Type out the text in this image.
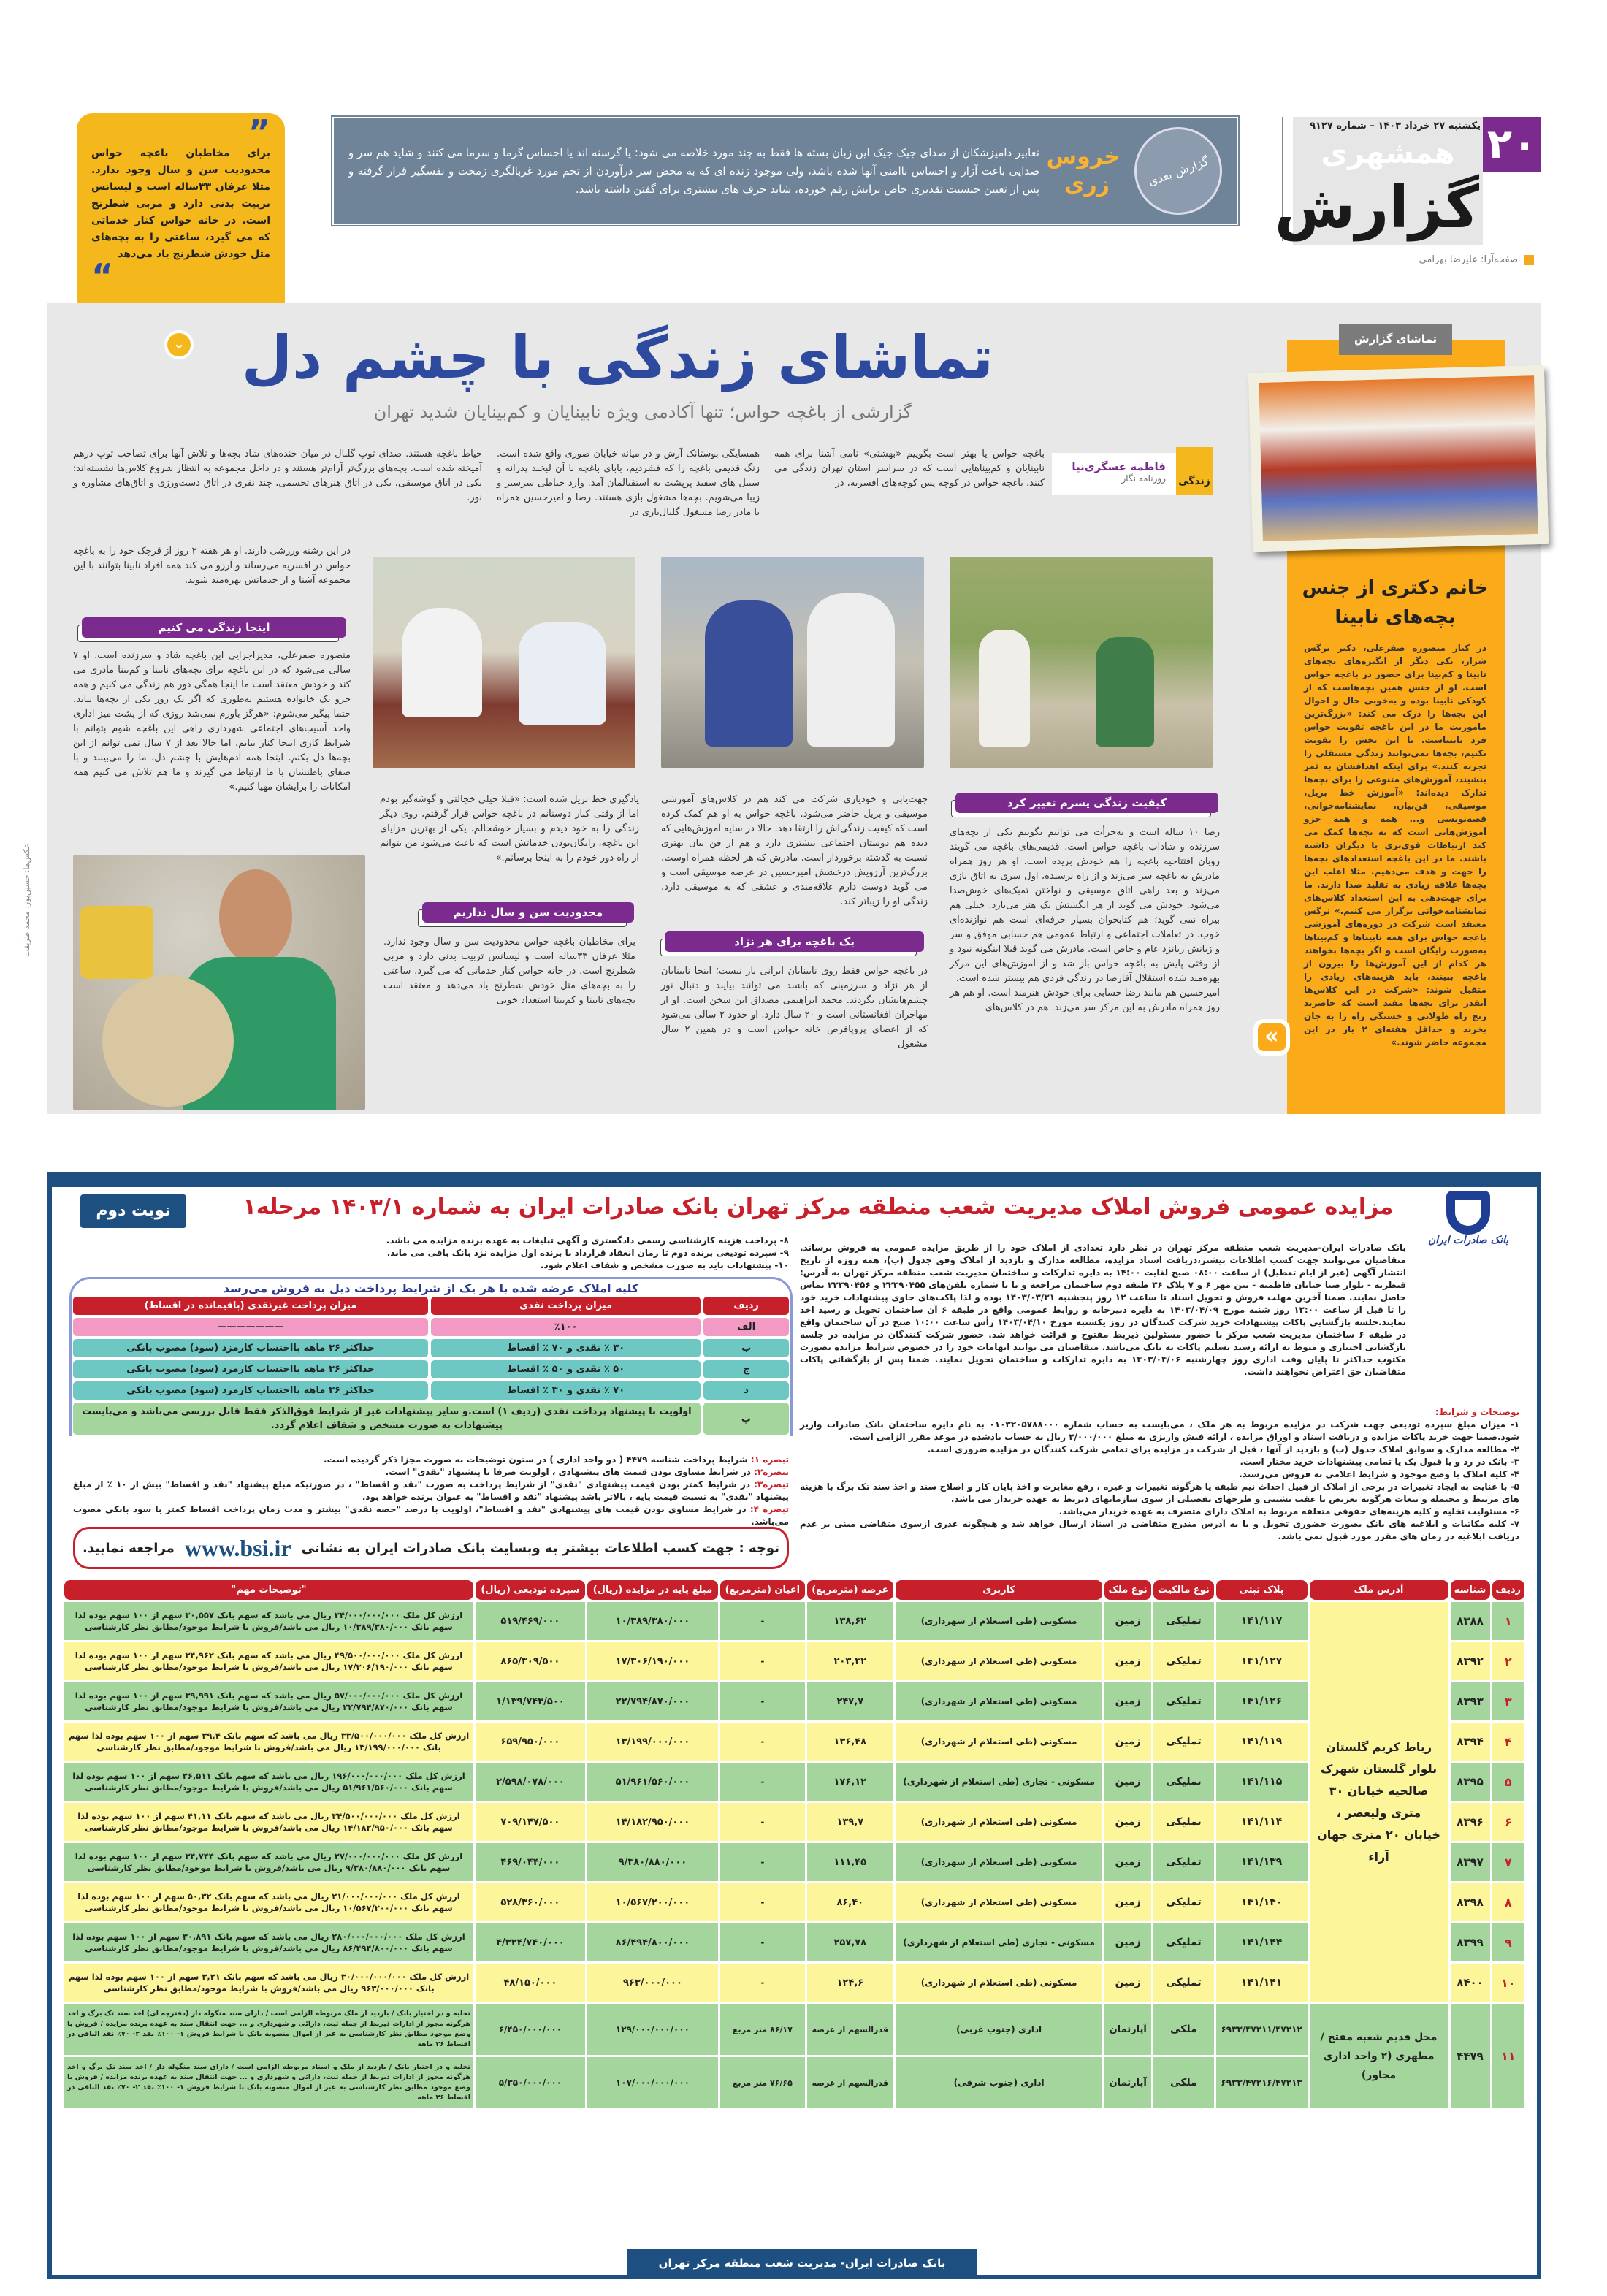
۲۰
یکشنبه ۲۷ خرداد ۱۴۰۳ – شماره ۹۱۲۷
همشهری
گزارش
صفحه‌آرا: علیرضا بهرامی
گزارش بعدی
خروس زری
تعابیر دامپزشکان از صدای جیک جیک این زبان بسته ها فقط به چند مورد خلاصه می شود: یا گرسنه اند یا احساس گرما و سرما می کنند و شاید هم سر و صدایی باعث آزار و احساس ناامنی آنها شده باشد، ولی موجود زنده ای که به محض سر درآوردن از تخم مورد غربالگری زمخت و نفسگیر قرار گرفته و پس از تعیین جنسیت تقدیری خاص برایش رقم خورده، شاید حرف های بیشتری برای گفتن داشته باشد.
”
برای مخاطبان باغچه حواس محدودیت سن و سال وجود ندارد. مثلا عرفان ۳۳ساله است و لیسانس تربیت بدنی دارد و مربی شطرنج است. در خانه حواس کنار خدماتی که می گیرد، ساعتی را به بچه‌های مثل خودش شطرنج یاد می‌دهد
“
⌄ تماشای زندگی با چشم دل
گزارشی از باغچه حواس؛ تنها آکادمی ویژه نابینایان و کم‌بینایان شدید تهران
زندگی
فاطمه عسگری‌نیا
روزنامه نگار
باغچه حواس یا بهتر است بگوییم «بهشتی» نامی آشنا برای همه نابینایان و کم‌بیناهایی است که در سراسر استان تهران زندگی می کنند. باغچه حواس در کوچه پس کوچه‌های افسریه، در
همسایگی بوستانک آرش و در میانه خیابان صوری واقع شده است. زنگ قدیمی باغچه را که فشردیم، بابای باغچه با آن لبخند پدرانه و سبیل های سفید پرپشت به استقبالمان آمد. وارد حیاطی سرسبز و زیبا می‌شویم. بچه‌ها مشغول بازی هستند. رضا و امیرحسین همراه با مادر رضا مشغول گلبال‌بازی در
حیاط باغچه هستند. صدای توپ گلبال در میان خنده‌های شاد بچه‌ها و تلاش آنها برای تصاحب توپ درهم آمیخته شده است. بچه‌های بزرگ‌تر آرام‌تر هستند و در داخل مجموعه به انتظار شروع کلاس‌ها نشسته‌اند؛ یکی در اتاق موسیقی، یکی در اتاق هنرهای تجسمی، چند نفری در اتاق دست‌ورزی و اتاق‌های مشاوره و نور.
در این رشته ورزشی دارند. او هر هفته ۲ روز از قرچک خود را به باغچه حواس در افسریه می‌رساند و آرزو می کند همه افراد نابینا بتوانند با این مجموعه آشنا و از خدماتش بهره‌مند شوند.
اینجا زندگی می کنیم
منصوره صفرعلی، مدیراجرایی این باغچه شاد و سرزنده است. او ۷ سالی می‌شود که در این باغچه برای بچه‌های نابینا و کم‌بینا مادری می کند و خودش معتقد است ما اینجا همگی دور هم زندگی می کنیم و همه جزو یک خانواده هستیم به‌طوری که اگر یک روز یکی از بچه‌ها نیاید، حتما پیگیر می‌شوم: «هرگز باورم نمی‌شد روزی که از پشت میز اداری واحد آسیب‌های اجتماعی شهرداری راهی این باغچه شوم بتوانم با شرایط کاری اینجا کنار بیایم. اما حالا بعد از ۷ سال نمی توانم از این بچه‌ها دل بکنم. اینجا همه آدم‌هایش با چشم دل، ما را می‌بینند و با صفای باطنشان با ما ارتباط می گیرند و ما هم تلاش می کنیم همه امکانات را برایشان مهیا کنیم.»
کیفیت زندگی پسرم تغییر کرد
رضا ۱۰ ساله است و به‌جرأت می توانیم بگوییم یکی از بچه‌های سرزنده و شاداب باغچه حواس است. قدیمی‌های باغچه می گویند روبان افتتاحیه باغچه را هم خودش بریده است. او هر روز همراه مادرش به باغچه سر می‌زند و از راه نرسیده، اول سری به اتاق بازی می‌زند و بعد راهی اتاق موسیقی و نواختن تمبک‌های خوش‌صدا می‌شود. خودش می گوید از هر انگشتش یک هنر می‌بارد. خیلی هم بیراه نمی گوید؛ هم کتابخوان بسیار حرفه‌ای است هم نوازنده‌ای خوب. در تعاملات اجتماعی و ارتباط عمومی هم حسابی موفق و سر و زبانش زبانزد عام و خاص است. مادرش می گوید قبلا اینگونه نبود و از وقتی پایش به باغچه حواس باز شد و از آموزش‌های این مرکز بهره‌مند شده استقلال آقارضا در زندگی فردی هم بیشتر شده است.
امیرحسین هم مانند رضا حسابی برای خودش هنرمند است. او هم هر روز همراه مادرش به این مرکز سر می‌زند. هم در کلاس‌های
جهت‌یابی و خودیاری شرکت می کند هم در کلاس‌های آموزشی موسیقی و بریل حاضر می‌شود. باغچه حواس به او هم کمک کرده است که کیفیت زندگی‌اش را ارتقا دهد. حالا در سایه آموزش‌هایی که دیده هم دوستان اجتماعی بیشتری دارد و هم از فن بیان بهتری نسبت به گذشته برخوردار است. مادرش که هر لحظه همراه اوست، بزرگ‌ترین آرزویش درخشش امیرحسین در عرصه موسیقی است و می گوید دوست دارم علاقه‌مندی و عشقی که به موسیقی دارد، زندگی او را زیباتر کند.
یک باغچه برای هر نژاد
در باغچه حواس فقط روی نابینایان ایرانی باز نیست؛ اینجا نابینایان از هر نژاد و سرزمینی که باشند می توانند بیایند و دنبال نور چشم‌هایشان بگردند. محمد ابراهیمی مصداق این سخن است. او از مهاجران افغانستانی است و ۲۰ سال دارد. او حدود ۲ سالی می‌شود که از اعضای پروپاقرص خانه حواس است و در همین ۲ سال مشغول
یادگیری خط بریل شده است: «قبلا خیلی خجالتی و گوشه‌گیر بودم اما از وقتی کنار دوستانم در باغچه حواس قرار گرفتم، روی دیگر زندگی را به خود دیدم و بسیار خوشحالم. یکی از بهترین مزایای این باغچه، رایگان‌بودن خدماتش است که باعث می‌شود من بتوانم از راه دور خودم را به اینجا برسانم.»
محدودیت سن و سال نداریم
برای مخاطبان باغچه حواس محدودیت سن و سال وجود ندارد. مثلا عرفان ۳۳ساله است و لیسانس تربیت بدنی دارد و مربی شطرنج است. در خانه حواس کنار خدماتی که می گیرد، ساعتی را به بچه‌های مثل خودش شطرنج یاد می‌دهد و معتقد است بچه‌های نابینا و کم‌بینا استعداد خوبی
عکس‌ها: حسین‌پور، محمد طریقت
تماشای گزارش
خانم دکتری از جنس بچه‌های نابینا
در کنار منصوره صفرعلی، دکتر نرگس شرار، یکی دیگر از انگیزه‌های بچه‌های نابینا و کم‌بینا برای حضور در باغچه حواس است. او از جنس همین بچه‌هاست که از کودکی نابینا بوده و به‌خوبی حال و احوال این بچه‌ها را درک می کند: «بزرگ‌ترین ماموریت ما در این باغچه تقویت حواس فرد نابیناست. تا این بخش را تقویت نکنیم، بچه‌ها نمی‌توانند زندگی مستقلی را تجربه کنند.» برای اینکه اهدافشان به ثمر بنشیند، آموزش‌های متنوعی را برای بچه‌ها تدارک دیده‌اند: «آموزش خط بریل، موسیقی، فن‌بیان، نمایشنامه‌خوانی، قصه‌نویسی و... همه و همه جزو آموزش‌هایی است که به بچه‌ها کمک می کند ارتباطات قوی‌تری با دیگران داشته باشند. ما در این باغچه استعدادهای بچه‌ها را جهت و هدف می‌دهیم. مثلا اغلب این بچه‌ها علاقه زیادی به تقلید صدا دارند. ما برای جهت‌دهی به این استعداد کلاس‌های نمایشنامه‌خوانی برگزار می کنیم.» نرگس معتقد است شرکت در دوره‌های آموزشی باغچه حواس برای همه نابیناها و کم‌بیناها به‌صورت رایگان است و اگر بچه‌ها بخواهند هر کدام از این آموزش‌ها را بیرون از باغچه ببینند، باید هزینه‌های زیادی را متقبل شوند: «شرکت در این کلاس‌ها آنقدر برای بچه‌ها مفید است که حاضرند رنج راه طولانی و خستگی راه را به جان بخرند و حداقل هفته‌ای ۲ بار در این مجموعه حاضر شوند.»
«
بانک صادرات ایران
مزایده عمومی فروش املاک مدیریت شعب منطقه مرکز تهران بانک صادرات ایران به شماره ۱۴۰۳/۱ مرحله۱
نوبت دوم
بانک صادرات ایران-مدیریت شعب منطقه مرکز تهران در نظر دارد تعدادی از املاک خود را از طریق مزایده عمومی به فروش برساند. متقاضیان می‌توانند جهت کسب اطلاعات بیشتر،دریافت اسناد مزایده، مطالعه مدارک و بازدید از املاک وفق جدول (ب)، همه روزه از تاریخ انتشار آگهی (غیر از ایام تعطیل) از ساعت ۰۸:۰۰ صبح لغایت ۱۴:۰۰ به دایره تدارکات و ساختمان مدیریت شعب منطقه مرکز تهران به آدرس: قیطریه - بلوار صبا خیابان فاطمیه - بین مهر ۶ و ۷ پلاک ۳۶ طبقه دوم ساختمان مراجعه و یا با شماره تلفن‌های ۲۲۳۹۰۴۵۵ و ۲۲۳۹۰۴۵۶ تماس حاصل نمایند. ضمنا آخرین مهلت فروش و تحویل اسناد تا ساعت ۱۲ روز پنجشنبه ۱۴۰۳/۰۳/۳۱ بوده و لذا پاکت‌های حاوی پیشنهادات خرید خود را تا قبل از ساعت ۱۳:۰۰ روز شنبه مورخ ۱۴۰۳/۰۴/۰۹ به دایره دبیرخانه و روابط عمومی واقع در طبقه ۶ آن ساختمان تحویل و رسید اخذ نمایند.جلسه بازگشایی پاکات پیشنهادات خرید شرکت کنندگان در روز یکشنبه مورخ ۱۴۰۳/۰۴/۱۰ رأس ساعت ۱۰:۰۰ صبح در آن ساختمان واقع در طبقه ۶ ساختمان مدیریت شعب مرکز با حضور مسئولین ذیربط مفتوح و قرائت خواهد شد. حضور شرکت کنندگان در مزایده در جلسه بازگشایی اختیاری و منوط به ارائه رسید تسلیم پاکات به بانک می‌باشد. متقاضیان می توانند ابهامات خود را در خصوص شرایط مزایده بصورت مکتوب حداکثر تا پایان وقت اداری روز چهارشنبه ۱۴۰۳/۰۴/۰۶ به دایره تدارکات و ساختمان تحویل نمایند. ضمنا پس از بازگشائی پاکات متقاضیان حق اعتراض نخواهند داشت.
توضیحات و شرایط:
۱- میزان مبلغ سپرده تودیعی جهت شرکت در مزایده مربوط به هر ملک ، می‌بایست به حساب شماره ۰۱۰۳۲۰۵۷۸۸۰۰۰ به نام دایره ساختمان بانک صادرات واریز شود.ضمنا جهت خرید پاکات مزایده و دریافت اسناد و اوراق مزایده ، ارائه فیش واریزی به مبلغ ۲/۰۰۰/۰۰۰ ریال به حساب یادشده در موعد مقرر الزامی است.
۲- مطالعه مدارک و سوابق املاک جدول (ب) و بازدید از آنها ، قبل از شرکت در مزایده برای تمامی شرکت کنندگان در مزایده ضروری است.
۳- بانک در رد و یا قبول یک یا تمامی پیشنهادات خرید مختار است.
۴- کلیه املاک با وضع موجود و شرایط اعلامی به فروش می‌رسند.
۵- با عنایت به ایجاد تغییرات در برخی از املاک از قبیل احداث نیم طبقه یا هرگونه تغییرات و غیره ، رفع مغایرت و اخذ پایان کار و اصلاح سند و اخذ سند تک برگ با هزینه های مرتبط و محتمله و تبعات هرگونه تعریض یا عقب نشینی و طرحهای تفصیلی از سوی سازمانهای ذیربط به عهده خریدار می باشد.
۶- مسئولیت تخلیه و کلیه هزینه‌های حقوقی متعلقه مربوط به املاک دارای متصرف به عهده خریدار می‌باشد.
۷- کلیه مکاتبات و ابلاغیه های بانک بصورت حضوری تحویل و یا به آدرس مندرج متقاضی در اسناد ارسال خواهد شد و هیچگونه عذری ازسوی متقاضی مبنی بر عدم دریافت ابلاغیه در زمان های مقرر مورد قبول نمی باشد.
۸- پرداخت هزینه کارشناسی رسمی دادگستری و آگهی تبلیغات به عهده برنده مزایده می باشد.
۹- سپرده تودیعی برنده دوم تا زمان انعقاد قرارداد با برنده اول مزایده نزد بانک باقی می ماند.
۱۰- پیشنهادات باید به صورت مشخص و شفاف اعلام شود.
کلیه املاک عرضه شده با هر یک از شرایط پرداخت ذیل به فروش می‌رسد
ردیف
میزان پرداخت نقدی
میزان پرداخت غیرنقدی (باقیمانده در اقساط)
الف
٪۱۰۰
———————
ب
۳۰ ٪ نقدی و ۷۰ ٪ اقساط
حداکثر ۳۶ ماهه بااحتساب کارمزد (سود) مصوب بانکی
ج
۵۰ ٪ نقدی و ۵۰ ٪ اقساط
حداکثر ۳۶ ماهه بااحتساب کارمزد (سود) مصوب بانکی
د
۷۰ ٪ نقدی و ۳۰ ٪ اقساط
حداکثر ۳۶ ماهه بااحتساب کارمزد (سود) مصوب بانکی
پ
اولویت با پیشنهاد پرداخت نقدی (ردیف ۱) است.و سایر پیشنهادات غیر از شرایط فوق‌الذکر فقط قابل بررسی می‌باشد و می‌بایست پیشنهادات به صورت مشخص و شفاف اعلام گردد.
تبصره ۱: شرایط پرداخت شناسه ۴۴۷۹ ( دو واحد اداری ) در ستون توضیحات به صورت مجزا ذکر گردیده است.
تبصره۲: در شرایط مساوی بودن قیمت های پیشنهادی ، اولویت صرفا با پیشنهاد "نقدی" است.
تبصره۳: در شرایط کمتر بودن قیمت پیشنهادی "نقدی" از شرایط پرداخت به صورت "نقد و اقساط" ، در صورتیکه مبلغ پیشنهاد "نقد و اقساط" بیش از ۱۰ ٪ از مبلغ پیشنهاد "نقدی" به نسبت قیمت پایه ، بالاتر باشد پیشنهاد "نقد و اقساط" به عنوان برنده خواهد بود.
تبصره ۴: در شرایط مساوی بودن قیمت های پیشنهادی "نقد و اقساط"، اولویت با درصد "حصه نقدی" بیشتر و مدت زمان پرداخت اقساط کمتر با سود بانکی مصوب می‌باشد.
توجه : جهت کسب اطلاعات بیشتر به وبسایت بانک صادرات ایران به نشانی
www.bsi.ir
مراجعه نمایید.
ردیف	شناسه	آدرس ملک	پلاک ثبتی	نوع مالکیت	نوع ملک	کاربری	عرصه (مترمربع)	اعیان (مترمربع)	مبلغ پایه در مزایده (ریال)	سپرده تودیعی (ریال)	"توضیحات مهم"
۱	۸۳۸۸	رباط کریم گلستان بلوار گلستان شهرک صالحیه خیابان ۳۰ متری ولیعصر ، خیابان ۲۰ متری جهان آراء	۱۴۱/۱۱۷	تملیکی	زمین	مسکونی (طی استعلام از شهرداری)	۱۳۸,۶۲	-	۱۰/۳۸۹/۳۸۰/۰۰۰	۵۱۹/۴۶۹/۰۰۰	ارزش کل ملک ۳۴/۰۰۰/۰۰۰/۰۰۰ ریال می باشد که سهم بانک ۳۰,۵۵۷ سهم از ۱۰۰ سهم بوده لذا سهم بانک ۱۰/۳۸۹/۳۸۰/۰۰۰ ریال می باشد/فروش با شرایط موجود/مطابق نظر کارشناسی
۲	۸۳۹۲		۱۴۱/۱۲۷	تملیکی	زمین	مسکونی (طی استعلام از شهرداری)	۲۰۳,۳۲	-	۱۷/۳۰۶/۱۹۰/۰۰۰	۸۶۵/۳۰۹/۵۰۰	ارزش کل ملک ۴۹/۵۰۰/۰۰۰/۰۰۰ ریال می باشد که سهم بانک ۳۴,۹۶۲ سهم از ۱۰۰ سهم بوده لذا سهم بانک ۱۷/۳۰۶/۱۹۰/۰۰۰ ریال می باشد/فروش با شرایط موجود/مطابق نظر کارشناسی
۳	۸۳۹۳		۱۴۱/۱۲۶	تملیکی	زمین	مسکونی (طی استعلام از شهرداری)	۲۴۷,۷	-	۲۲/۷۹۴/۸۷۰/۰۰۰	۱/۱۳۹/۷۴۳/۵۰۰	ارزش کل ملک ۵۷/۰۰۰/۰۰۰/۰۰۰ ریال می باشد که سهم بانک ۳۹,۹۹۱ سهم از ۱۰۰ سهم بوده لذا سهم بانک ۲۲/۷۹۴/۸۷۰/۰۰۰ ریال می باشد/فروش با شرایط موجود/مطابق نظر کارشناسی
۴	۸۳۹۴		۱۴۱/۱۱۹	تملیکی	زمین	مسکونی (طی استعلام از شهرداری)	۱۳۶,۴۸	-	۱۳/۱۹۹/۰۰۰/۰۰۰	۶۵۹/۹۵۰/۰۰۰	ارزش کل ملک ۳۳/۵۰۰/۰۰۰/۰۰۰ ریال می باشد که سهم بانک ۳۹,۴ سهم از ۱۰۰ سهم بوده لذا سهم بانک ۱۳/۱۹۹/۰۰۰/۰۰۰ ریال می باشد/فروش با شرایط موجود/مطابق نظر کارشناسی
۵	۸۳۹۵		۱۴۱/۱۱۵	تملیکی	زمین	مسکونی - تجاری (طی استعلام از شهرداری)	۱۷۶,۱۲	-	۵۱/۹۶۱/۵۶۰/۰۰۰	۲/۵۹۸/۰۷۸/۰۰۰	ارزش کل ملک ۱۹۶/۰۰۰/۰۰۰/۰۰۰ ریال می باشد که سهم بانک ۲۶,۵۱۱ سهم از ۱۰۰ سهم بوده لذا سهم بانک ۵۱/۹۶۱/۵۶۰/۰۰۰ ریال می باشد/فروش با شرایط موجود/مطابق نظر کارشناسی
۶	۸۳۹۶		۱۴۱/۱۱۴	تملیکی	زمین	مسکونی (طی استعلام از شهرداری)	۱۳۹,۷	-	۱۴/۱۸۲/۹۵۰/۰۰۰	۷۰۹/۱۴۷/۵۰۰	ارزش کل ملک ۳۴/۵۰۰/۰۰۰/۰۰۰ ریال می باشد که سهم بانک ۴۱,۱۱ سهم از ۱۰۰ سهم بوده لذا سهم بانک ۱۴/۱۸۲/۹۵۰/۰۰۰ ریال می باشد/فروش با شرایط موجود/مطابق نظر کارشناسی
۷	۸۳۹۷		۱۴۱/۱۳۹	تملیکی	زمین	مسکونی (طی استعلام از شهرداری)	۱۱۱,۴۵	-	۹/۳۸۰/۸۸۰/۰۰۰	۴۶۹/۰۴۴/۰۰۰	ارزش کل ملک ۲۷/۰۰۰/۰۰۰/۰۰۰ ریال می باشد که سهم بانک ۳۴,۷۴۴ سهم از ۱۰۰ سهم بوده لذا سهم بانک ۹/۳۸۰/۸۸۰/۰۰۰ ریال می باشد/فروش با شرایط موجود/مطابق نظر کارشناسی
۸	۸۳۹۸		۱۴۱/۱۴۰	تملیکی	زمین	مسکونی (طی استعلام از شهرداری)	۸۶,۴۰	-	۱۰/۵۶۷/۲۰۰/۰۰۰	۵۲۸/۳۶۰/۰۰۰	ارزش کل ملک ۲۱/۰۰۰/۰۰۰/۰۰۰ ریال می باشد که سهم بانک ۵۰,۳۲ سهم از ۱۰۰ سهم بوده لذا سهم بانک ۱۰/۵۶۷/۲۰۰/۰۰۰ ریال می باشد/فروش با شرایط موجود/مطابق نظر کارشناسی
۹	۸۳۹۹		۱۴۱/۱۴۴	تملیکی	زمین	مسکونی - تجاری (طی استعلام از شهرداری)	۲۵۷,۷۸	-	۸۶/۴۹۴/۸۰۰/۰۰۰	۴/۳۲۴/۷۴۰/۰۰۰	ارزش کل ملک ۲۸۰/۰۰۰/۰۰۰/۰۰۰ ریال می باشد که سهم بانک ۳۰,۸۹۱ سهم از ۱۰۰ سهم بوده لذا سهم بانک ۸۶/۴۹۴/۸۰۰/۰۰۰ ریال می باشد/فروش با شرایط موجود/مطابق نظر کارشناسی
۱۰	۸۴۰۰		۱۴۱/۱۴۱	تملیکی	زمین	مسکونی (طی استعلام از شهرداری)	۱۲۴,۶	-	۹۶۳/۰۰۰/۰۰۰	۴۸/۱۵۰/۰۰۰	ارزش کل ملک ۳۰/۰۰۰/۰۰۰/۰۰۰ ریال می باشد که سهم بانک ۳,۲۱ سهم از ۱۰۰ سهم بوده لذا سهم بانک ۹۶۳/۰۰۰/۰۰۰ ریال می باشد/فروش با شرایط موجود/مطابق نظر کارشناسی
۱۱	۴۴۷۹	محل قدیم شعبه مفتح / مطهری (۲ واحد اداری مجاور)	۶۹۳۳/۴۷۲۱۱/۴۷۲۱۲	ملکی	آپارتمان	اداری (جنوب غربی)	قدرالسهم از عرصه	۸۶/۱۷ متر مربع	۱۲۹/۰۰۰/۰۰۰/۰۰۰	۶/۴۵۰/۰۰۰/۰۰۰	تخلیه و در اختیار بانک / بازدید از ملک مربوطه الزامی است / دارای سند منگوله دار (دفترچه ای) اخذ سند تک برگ و اخذ هرگونه مجوز از ادارات ذیربط از جمله ثبت، دارائی و شهرداری و ... جهت انتقال سند به عهده برنده مزایده / فروش با وضع موجود مطابق نظر کارشناسی به غیر از اموال منصوبه بانک با شرایط فروش ۱- ۱۰۰٪ نقد ۲- ۷۰٪ نقد الباقی در اقساط ۳۶ ماهه
			۶۹۳۳/۴۷۲۱۶/۴۷۲۱۳	ملکی	آپارتمان	اداری (جنوب شرقی)	قدرالسهم از عرصه	۷۶/۶۵ متر مربع	۱۰۷/۰۰۰/۰۰۰/۰۰۰	۵/۳۵۰/۰۰۰/۰۰۰	تخلیه و در اختیار بانک / بازدید از ملک و اسناد مربوطه الزامی است / دارای سند منگوله دار / اخذ سند تک برگ و اخذ هرگونه مجوز از ادارات ذیربط از جمله ثبت، دارائی و شهرداری و ... جهت انتقال سند به عهده برنده مزایده / فروش با وضع موجود مطابق نظر کارشناسی به غیر از اموال منصوبه بانک با شرایط فروش ۱- ۱۰۰٪ نقد ۲- ۷۰٪ نقد الباقی در اقساط ۳۶ ماهه
بانک صادرات ایران- مدیریت شعب منطقه مرکز تهران
